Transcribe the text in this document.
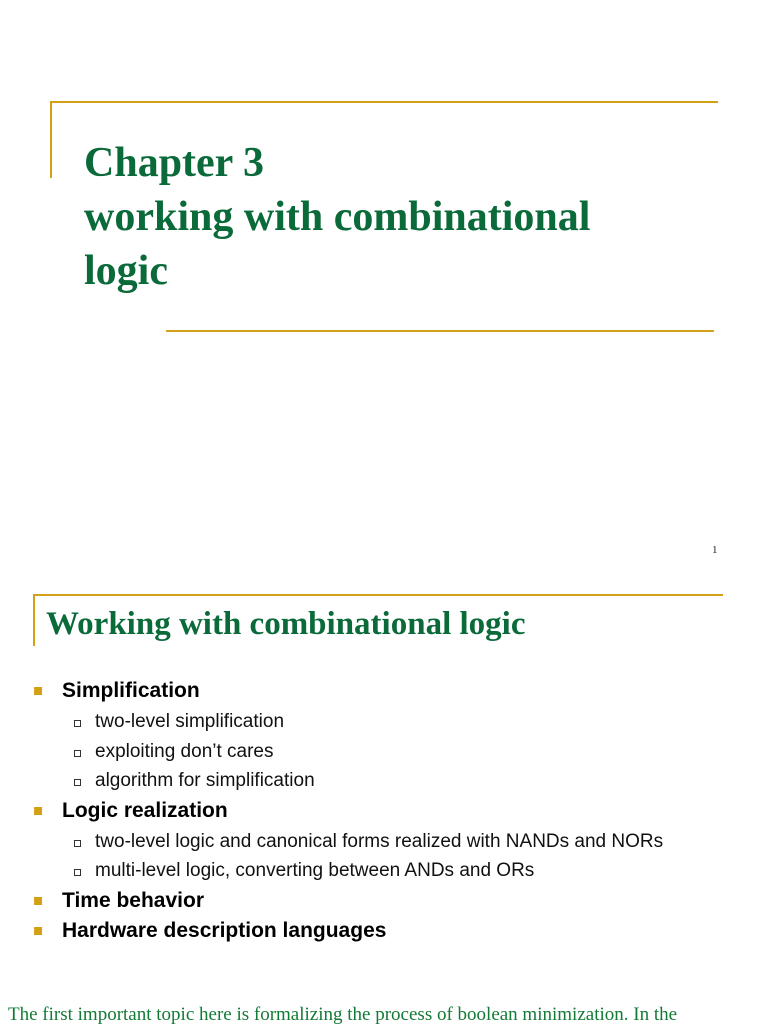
Chapter 3
working with combinational
logic
1
Working with combinational logic
Simplification
two-level simplification
exploiting don’t cares
algorithm for simplification
Logic realization
two-level logic and canonical forms realized with NANDs and NORs
multi-level logic, converting between ANDs and ORs
Time behavior
Hardware description languages
The first important topic here is formalizing the process of boolean minimization. In the
